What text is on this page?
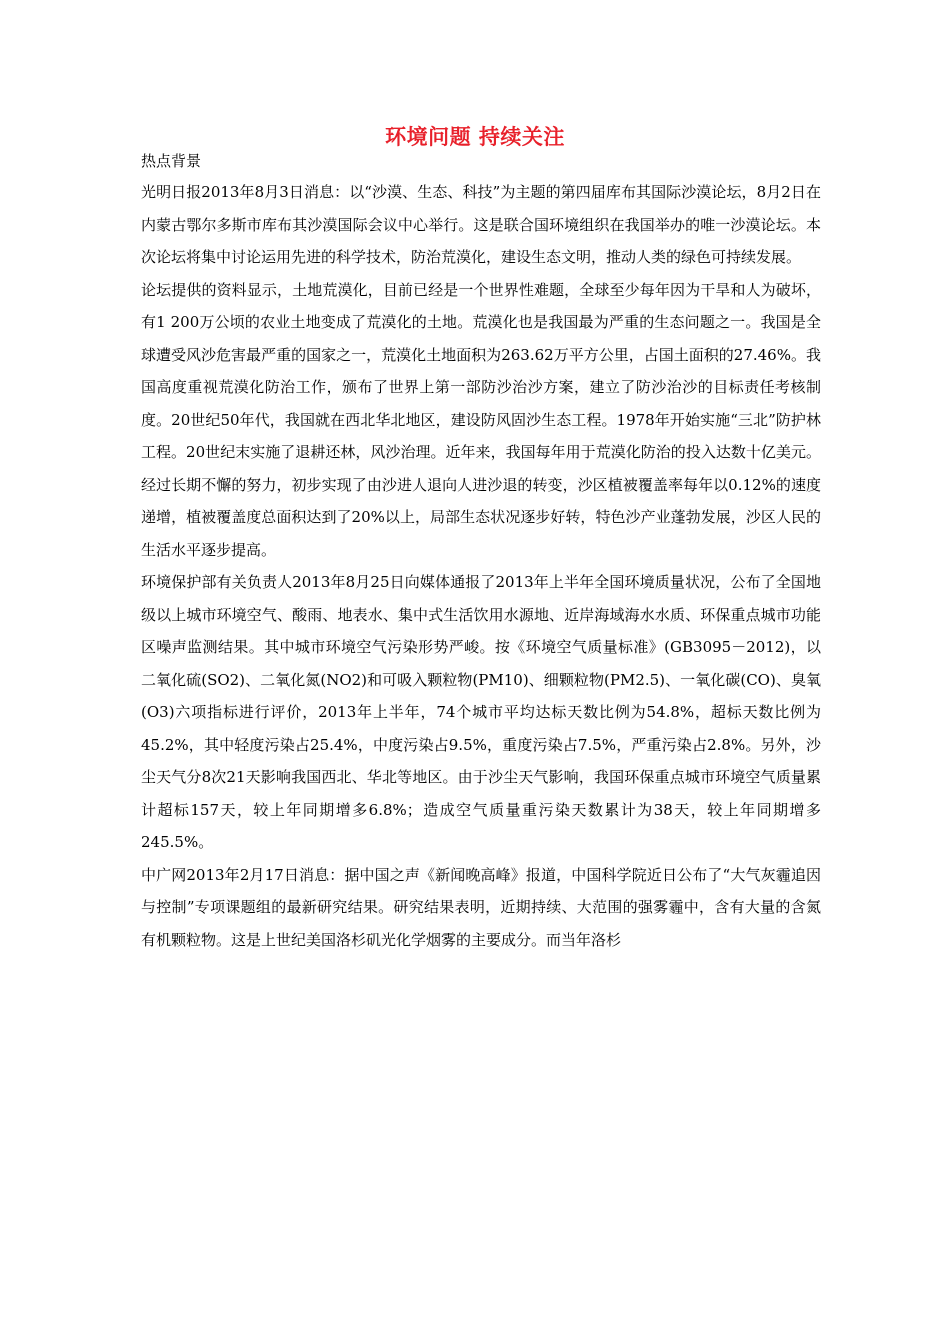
环境问题 持续关注

热点背景

光明日报2013年8月3日消息：以“沙漠、生态、科技”为主题的第四届库布其国际沙漠论坛，8月2日在内蒙古鄂尔多斯市库布其沙漠国际会议中心举行。这是联合国环境组织在我国举办的唯一沙漠论坛。本次论坛将集中讨论运用先进的科学技术，防治荒漠化，建设生态文明，推动人类的绿色可持续发展。

论坛提供的资料显示，土地荒漠化，目前已经是一个世界性难题，全球至少每年因为干旱和人为破坏，有1 200万公顷的农业土地变成了荒漠化的土地。荒漠化也是我国最为严重的生态问题之一。我国是全球遭受风沙危害最严重的国家之一，荒漠化土地面积为263.62万平方公里，占国土面积的27.46%。我国高度重视荒漠化防治工作，颁布了世界上第一部防沙治沙方案，建立了防沙治沙的目标责任考核制度。20世纪50年代，我国就在西北华北地区，建设防风固沙生态工程。1978年开始实施“三北”防护林工程。20世纪末实施了退耕还林，风沙治理。近年来，我国每年用于荒漠化防治的投入达数十亿美元。经过长期不懈的努力，初步实现了由沙进人退向人进沙退的转变，沙区植被覆盖率每年以0.12%的速度递增，植被覆盖度总面积达到了20%以上，局部生态状况逐步好转，特色沙产业蓬勃发展，沙区人民的生活水平逐步提高。

环境保护部有关负责人2013年8月25日向媒体通报了2013年上半年全国环境质量状况，公布了全国地级以上城市环境空气、酸雨、地表水、集中式生活饮用水源地、近岸海域海水水质、环保重点城市功能区噪声监测结果。其中城市环境空气污染形势严峻。按《环境空气质量标准》(GB3095－2012)，以二氧化硫(SO2)、二氧化氮(NO2)和可吸入颗粒物(PM10)、细颗粒物(PM2.5)、一氧化碳(CO)、臭氧(O3)六项指标进行评价，2013年上半年，74个城市平均达标天数比例为54.8%，超标天数比例为45.2%，其中轻度污染占25.4%，中度污染占9.5%，重度污染占7.5%，严重污染占2.8%。另外，沙尘天气分8次21天影响我国西北、华北等地区。由于沙尘天气影响，我国环保重点城市环境空气质量累计超标157天，较上年同期增多6.8%；造成空气质量重污染天数累计为38天，较上年同期增多245.5%。

中广网2013年2月17日消息：据中国之声《新闻晚高峰》报道，中国科学院近日公布了“大气灰霾追因与控制”专项课题组的最新研究结果。研究结果表明，近期持续、大范围的强雾霾中，含有大量的含氮有机颗粒物。这是上世纪美国洛杉矶光化学烟雾的主要成分。而当年洛杉
